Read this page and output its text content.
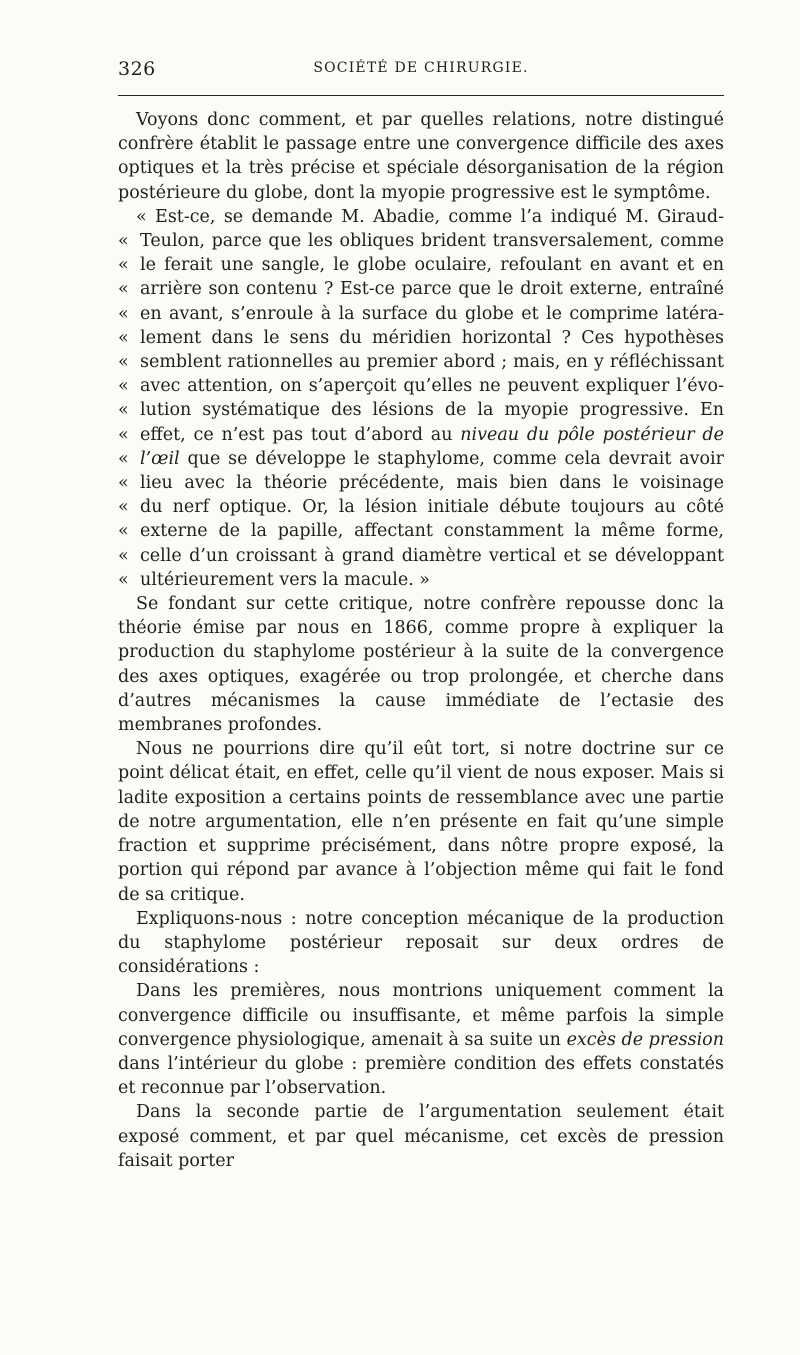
326	SOCIÉTÉ DE CHIRURGIE.

Voyons donc comment, et par quelles relations, notre distingué confrère établit le passage entre une convergence difficile des axes optiques et la très précise et spéciale désorganisation de la région postérieure du globe, dont la myopie progressive est le symptôme.

« Est-ce, se demande M. Abadie, comme l’a indiqué M. Giraud-
« Teulon, parce que les obliques brident transversalement, comme
« le ferait une sangle, le globe oculaire, refoulant en avant et en
« arrière son contenu ? Est-ce parce que le droit externe, entraîné
« en avant, s’enroule à la surface du globe et le comprime latéra-
« lement dans le sens du méridien horizontal ? Ces hypothèses
« semblent rationnelles au premier abord ; mais, en y réfléchissant
« avec attention, on s’aperçoit qu’elles ne peuvent expliquer l’évo-
« lution systématique des lésions de la myopie progressive. En
« effet, ce n’est pas tout d’abord au niveau du pôle postérieur de
« l’œil que se développe le staphylome, comme cela devrait avoir
« lieu avec la théorie précédente, mais bien dans le voisinage
« du nerf optique. Or, la lésion initiale débute toujours au côté
« externe de la papille, affectant constamment la même forme,
« celle d’un croissant à grand diamètre vertical et se développant
« ultérieurement vers la macule. »

Se fondant sur cette critique, notre confrère repousse donc la théorie émise par nous en 1866, comme propre à expliquer la production du staphylome postérieur à la suite de la convergence des axes optiques, exagérée ou trop prolongée, et cherche dans d’autres mécanismes la cause immédiate de l’ectasie des membranes profondes.

Nous ne pourrions dire qu’il eût tort, si notre doctrine sur ce point délicat était, en effet, celle qu’il vient de nous exposer. Mais si ladite exposition a certains points de ressemblance avec une partie de notre argumentation, elle n’en présente en fait qu’une simple fraction et supprime précisément, dans nôtre propre exposé, la portion qui répond par avance à l’objection même qui fait le fond de sa critique.

Expliquons-nous : notre conception mécanique de la production du staphylome postérieur reposait sur deux ordres de considérations :

Dans les premières, nous montrions uniquement comment la convergence difficile ou insuffisante, et même parfois la simple convergence physiologique, amenait à sa suite un excès de pression dans l’intérieur du globe : première condition des effets constatés et reconnue par l’observation.

Dans la seconde partie de l’argumentation seulement était exposé comment, et par quel mécanisme, cet excès de pression faisait porter
